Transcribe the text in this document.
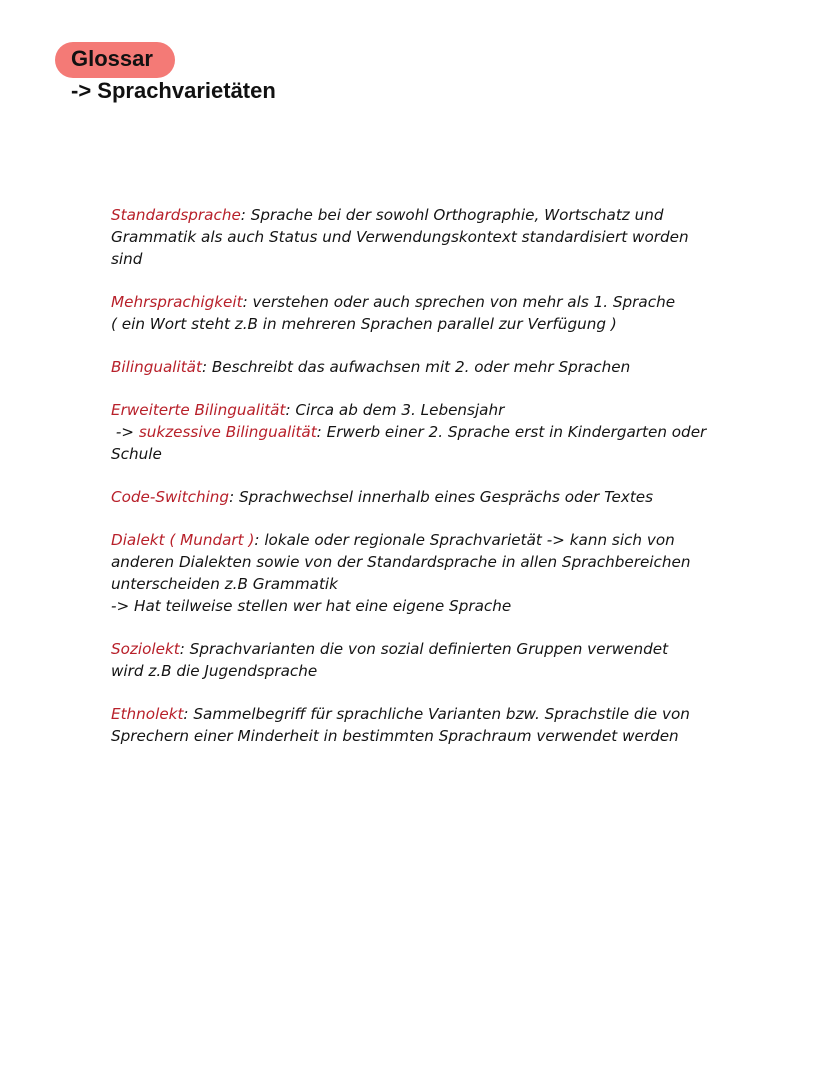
Glossar
-> Sprachvarietäten
Standardsprache: Sprache bei der sowohl Orthographie, Wortschatz und
Grammatik als auch Status und Verwendungskontext standardisiert worden
sind
Mehrsprachigkeit: verstehen oder auch sprechen von mehr als 1. Sprache
( ein Wort steht z.B in mehreren Sprachen parallel zur Verfügung )
Bilingualität: Beschreibt das aufwachsen mit 2. oder mehr Sprachen
Erweiterte Bilingualität: Circa ab dem 3. Lebensjahr
-> sukzessive Bilingualität: Erwerb einer 2. Sprache erst in Kindergarten oder
Schule
Code-Switching: Sprachwechsel innerhalb eines Gesprächs oder Textes
Dialekt ( Mundart ): lokale oder regionale Sprachvarietät -> kann sich von
anderen Dialekten sowie von der Standardsprache in allen Sprachbereichen
unterscheiden z.B Grammatik
-> Hat teilweise stellen wer hat eine eigene Sprache
Soziolekt: Sprachvarianten die von sozial definierten Gruppen verwendet
wird z.B die Jugendsprache
Ethnolekt: Sammelbegriff für sprachliche Varianten bzw. Sprachstile die von
Sprechern einer Minderheit in bestimmten Sprachraum verwendet werden
